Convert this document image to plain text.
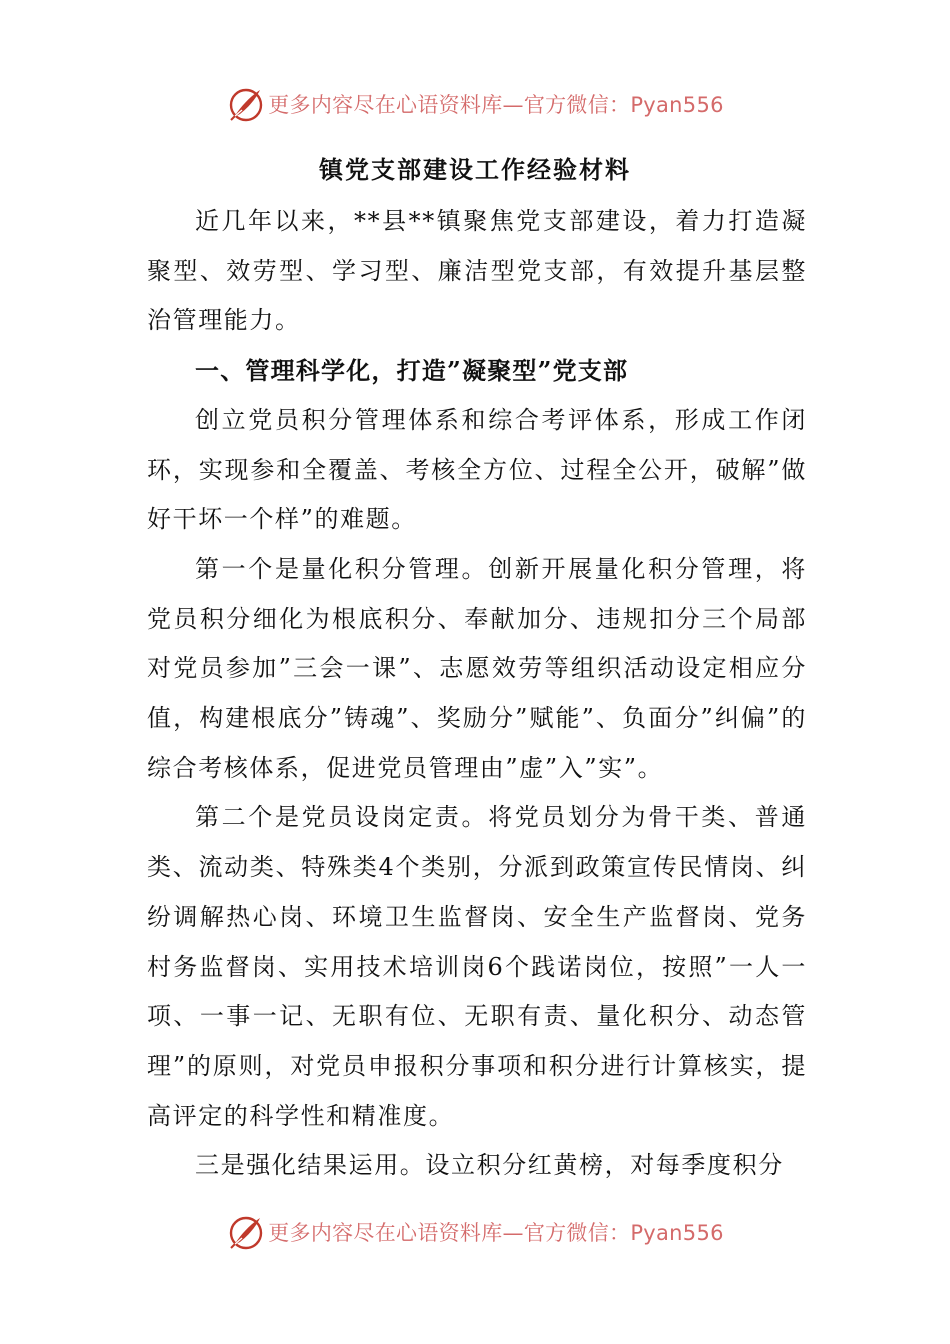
更多内容尽在心语资料库—官方微信：Pyan556
镇党支部建设工作经验材料

近几年以来，**县**镇聚焦党支部建设，着力打造凝聚型、效劳型、学习型、廉洁型党支部，有效提升基层整治管理能力。

一、管理科学化，打造”凝聚型”党支部

创立党员积分管理体系和综合考评体系，形成工作闭环，实现参和全覆盖、考核全方位、过程全公开，破解”做好干坏一个样”的难题。

第一个是量化积分管理。创新开展量化积分管理，将党员积分细化为根底积分、奉献加分、违规扣分三个局部对党员参加”三会一课”、志愿效劳等组织活动设定相应分值，构建根底分”铸魂”、奖励分”赋能”、负面分”纠偏”的综合考核体系，促进党员管理由”虚”入”实”。

第二个是党员设岗定责。将党员划分为骨干类、普通类、流动类、特殊类4个类别，分派到政策宣传民情岗、纠纷调解热心岗、环境卫生监督岗、安全生产监督岗、党务村务监督岗、实用技术培训岗6个践诺岗位，按照”一人一项、一事一记、无职有位、无职有责、量化积分、动态管理”的原则，对党员申报积分事项和积分进行计算核实，提高评定的科学性和精准度。

三是强化结果运用。设立积分红黄榜，对每季度积分

更多内容尽在心语资料库—官方微信：Pyan556
